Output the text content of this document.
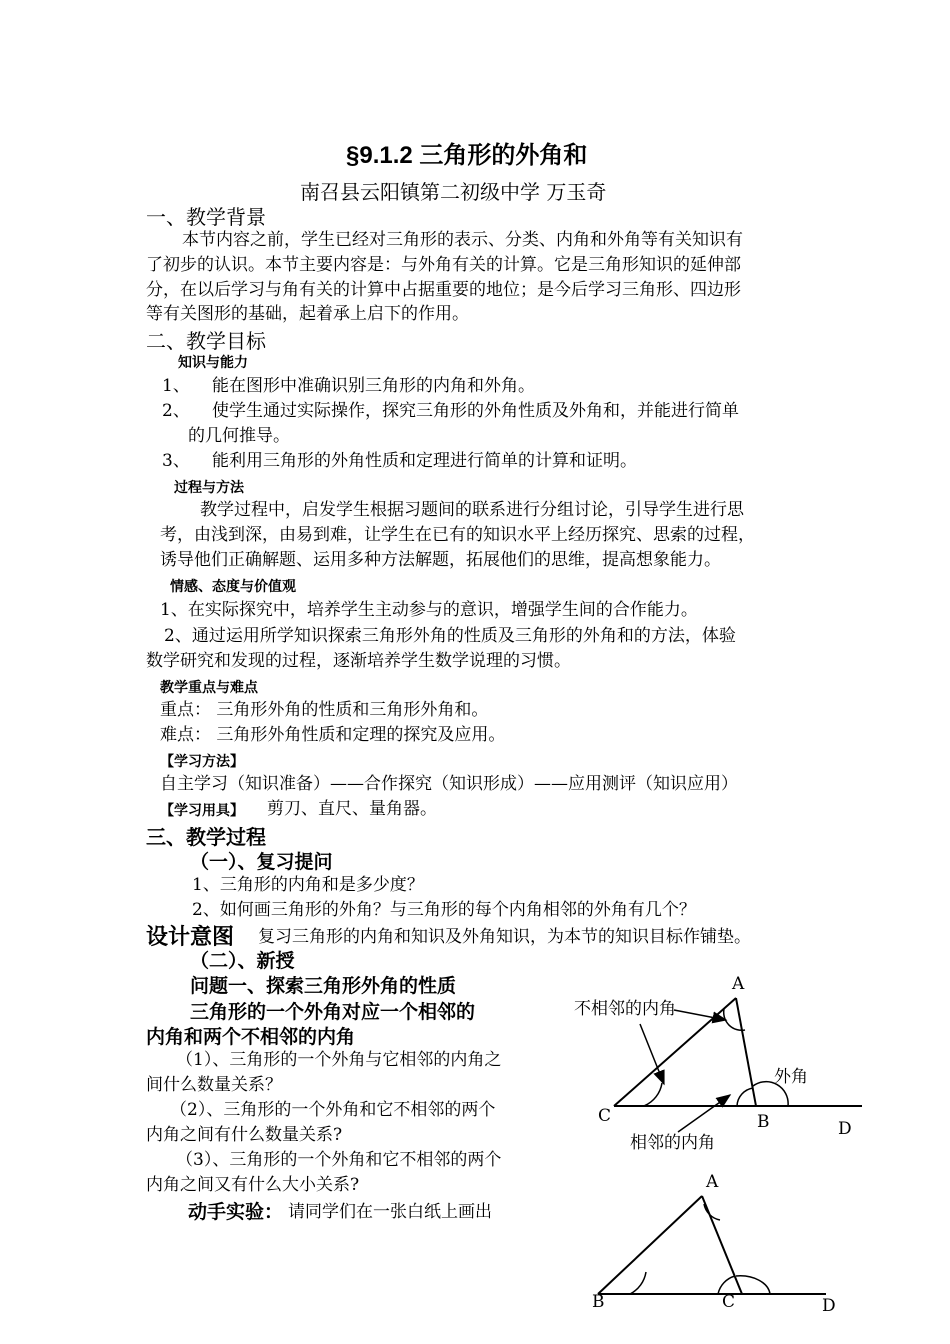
§9.1.2 三角形的外角和
南召县云阳镇第二初级中学 万玉奇
一、教学背景
本节内容之前，学生已经对三角形的表示、分类、内角和外角等有关知识有
了初步的认识。本节主要内容是：与外角有关的计算。它是三角形知识的延伸部
分，在以后学习与角有关的计算中占据重要的地位；是今后学习三角形、四边形
等有关图形的基础，起着承上启下的作用。
二、教学目标
知识与能力
1、 能在图形中准确识别三角形的内角和外角。
2、 使学生通过实际操作，探究三角形的外角性质及外角和，并能进行简单
的几何推导。
3、 能利用三角形的外角性质和定理进行简单的计算和证明。
过程与方法
教学过程中，启发学生根据习题间的联系进行分组讨论，引导学生进行思
考，由浅到深，由易到难，让学生在已有的知识水平上经历探究、思索的过程，
诱导他们正确解题、运用多种方法解题，拓展他们的思维，提高想象能力。
情感、态度与价值观
1、在实际探究中，培养学生主动参与的意识，增强学生间的合作能力。
2、通过运用所学知识探索三角形外角的性质及三角形的外角和的方法，体验
数学研究和发现的过程，逐渐培养学生数学说理的习惯。
教学重点与难点
重点： 三角形外角的性质和三角形外角和。
难点： 三角形外角性质和定理的探究及应用。
【学习方法】
自主学习（知识准备）——合作探究（知识形成）——应用测评（知识应用）
【学习用具】 剪刀、直尺、量角器。
三、教学过程
（一）、复习提问
1、三角形的内角和是多少度？
2、如何画三角形的外角？与三角形的每个内角相邻的外角有几个？
设计意图 复习三角形的内角和知识及外角知识，为本节的知识目标作铺垫。
（二）、新授
问题一、探索三角形外角的性质
三角形的一个外角对应一个相邻的
内角和两个不相邻的内角
（1）、三角形的一个外角与它相邻的内角之
间什么数量关系？
（2）、三角形的一个外角和它不相邻的两个
内角之间有什么数量关系?
（3）、三角形的一个外角和它不相邻的两个
内角之间又有什么大小关系?
动手实验： 请同学们在一张白纸上画出
A
C	B	D
不相邻的内角
外角
相邻的内角
A
B	C	D
